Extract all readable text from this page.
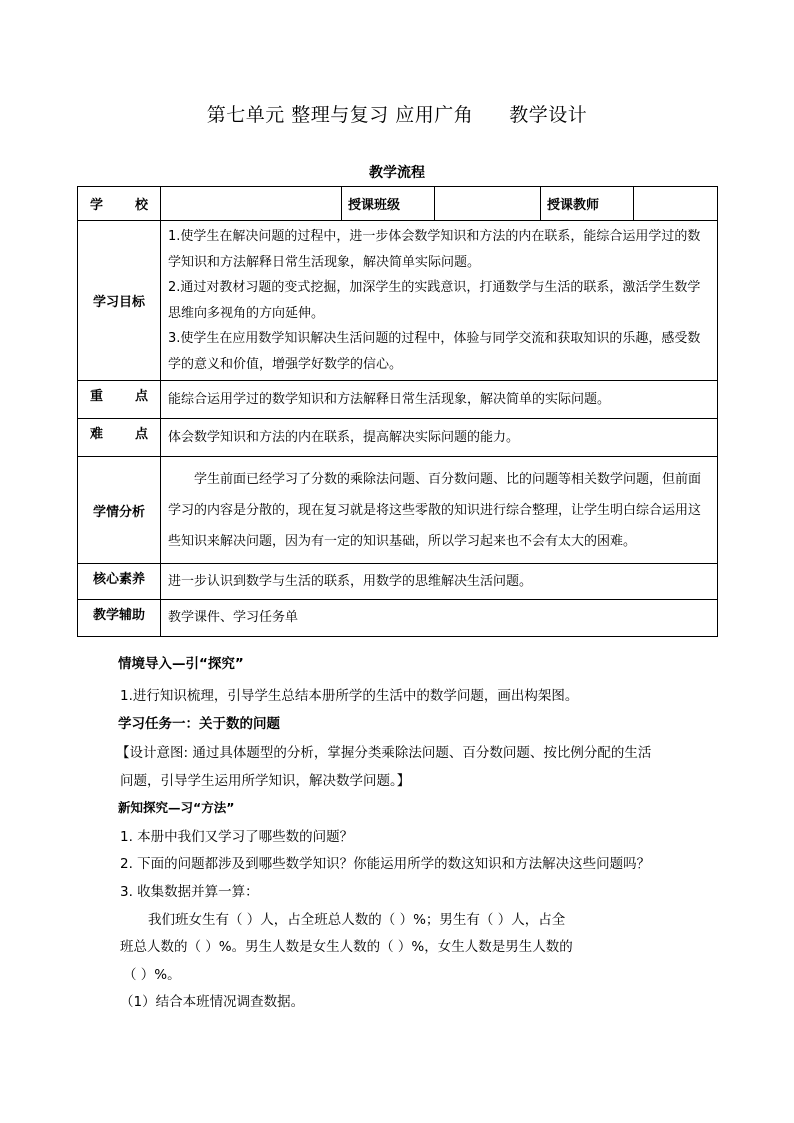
第七单元 整理与复习 应用广角 教学设计
教学流程
学 校		授课班级		授课教师	
学习目标	1.使学生在解决问题的过程中，进一步体会数学知识和方法的内在联系，能综合运用学过的数学知识和方法解释日常生活现象，解决简单实际问题。

2.通过对教材习题的变式挖掘，加深学生的实践意识，打通数学与生活的联系，激活学生数学思维向多视角的方向延伸。

3.使学生在应用数学知识解决生活问题的过程中，体验与同学交流和获取知识的乐趣，感受数学的意义和价值，增强学好数学的信心。				

重 点	能综合运用学过的数学知识和方法解释日常生活现象，解决简单的实际问题。				

难 点	体会数学知识和方法的内在联系，提高解决实际问题的能力。				
学情分析	学生前面已经学习了分数的乘除法问题、百分数问题、比的问题等相关数学问题，但前面学习的内容是分散的，现在复习就是将这些零散的知识进行综合整理，让学生明白综合运用这些知识来解决问题，因为有一定的知识基础，所以学习起来也不会有太大的困难。				
核心素养	进一步认识到数学与生活的联系，用数学的思维解决生活问题。				
教学辅助	教学课件、学习任务单				
情境导入—引“探究”
1.进行知识梳理，引导学生总结本册所学的生活中的数学问题，画出构架图。
学习任务一：关于数的问题
【设计意图: 通过具体题型的分析，掌握分类乘除法问题、百分数问题、按比例分配的生活
问题，引导学生运用所学知识，解决数学问题。】
新知探究—习“方法”
1. 本册中我们又学习了哪些数的问题？
2. 下面的问题都涉及到哪些数学知识？你能运用所学的数这知识和方法解决这些问题吗？
3. 收集数据并算一算：
我们班女生有（ ）人，占全班总人数的（ ）%；男生有（ ）人，占全
班总人数的（ ）%。男生人数是女生人数的（ ）%，女生人数是男生人数的
（ ）%。
（1）结合本班情况调查数据。
